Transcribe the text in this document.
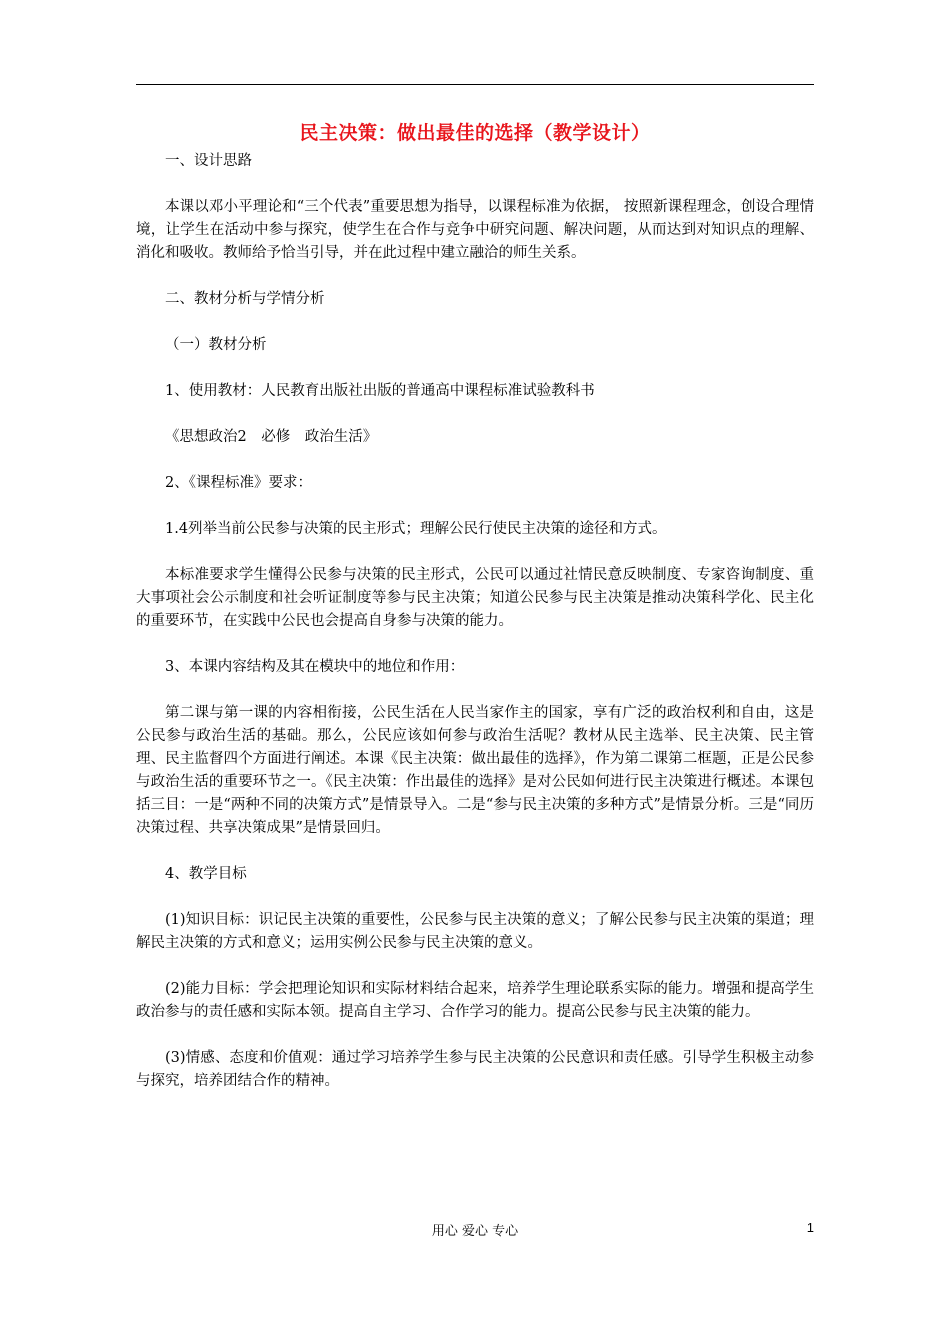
民主决策：做出最佳的选择（教学设计）

一、设计思路

本课以邓小平理论和“三个代表”重要思想为指导，以课程标准为依据， 按照新课程理念，创设合理情境，让学生在活动中参与探究，使学生在合作与竞争中研究问题、解决问题，从而达到对知识点的理解、消化和吸收。教师给予恰当引导，并在此过程中建立融洽的师生关系。

二、教材分析与学情分析

（一）教材分析

1、使用教材：人民教育出版社出版的普通高中课程标准试验教科书

《思想政治2　必修　政治生活》

2、《课程标准》要求：

1.4列举当前公民参与决策的民主形式；理解公民行使民主决策的途径和方式。

本标准要求学生懂得公民参与决策的民主形式，公民可以通过社情民意反映制度、专家咨询制度、重大事项社会公示制度和社会听证制度等参与民主决策；知道公民参与民主决策是推动决策科学化、民主化的重要环节，在实践中公民也会提高自身参与决策的能力。

3、本课内容结构及其在模块中的地位和作用：

第二课与第一课的内容相衔接，公民生活在人民当家作主的国家，享有广泛的政治权利和自由，这是公民参与政治生活的基础。那么，公民应该如何参与政治生活呢？教材从民主选举、民主决策、民主管理、民主监督四个方面进行阐述。本课《民主决策：做出最佳的选择》，作为第二课第二框题，正是公民参与政治生活的重要环节之一。《民主决策：作出最佳的选择》是对公民如何进行民主决策进行概述。本课包括三目：一是“两种不同的决策方式”是情景导入。二是“参与民主决策的多种方式”是情景分析。三是“同历决策过程、共享决策成果”是情景回归。

4、教学目标

(1)知识目标：识记民主决策的重要性，公民参与民主决策的意义；了解公民参与民主决策的渠道；理解民主决策的方式和意义；运用实例公民参与民主决策的意义。

(2)能力目标：学会把理论知识和实际材料结合起来，培养学生理论联系实际的能力。增强和提高学生政治参与的责任感和实际本领。提高自主学习、合作学习的能力。提高公民参与民主决策的能力。

(3)情感、态度和价值观：通过学习培养学生参与民主决策的公民意识和责任感。引导学生积极主动参与探究，培养团结合作的精神。

用心 爱心 专心	1
